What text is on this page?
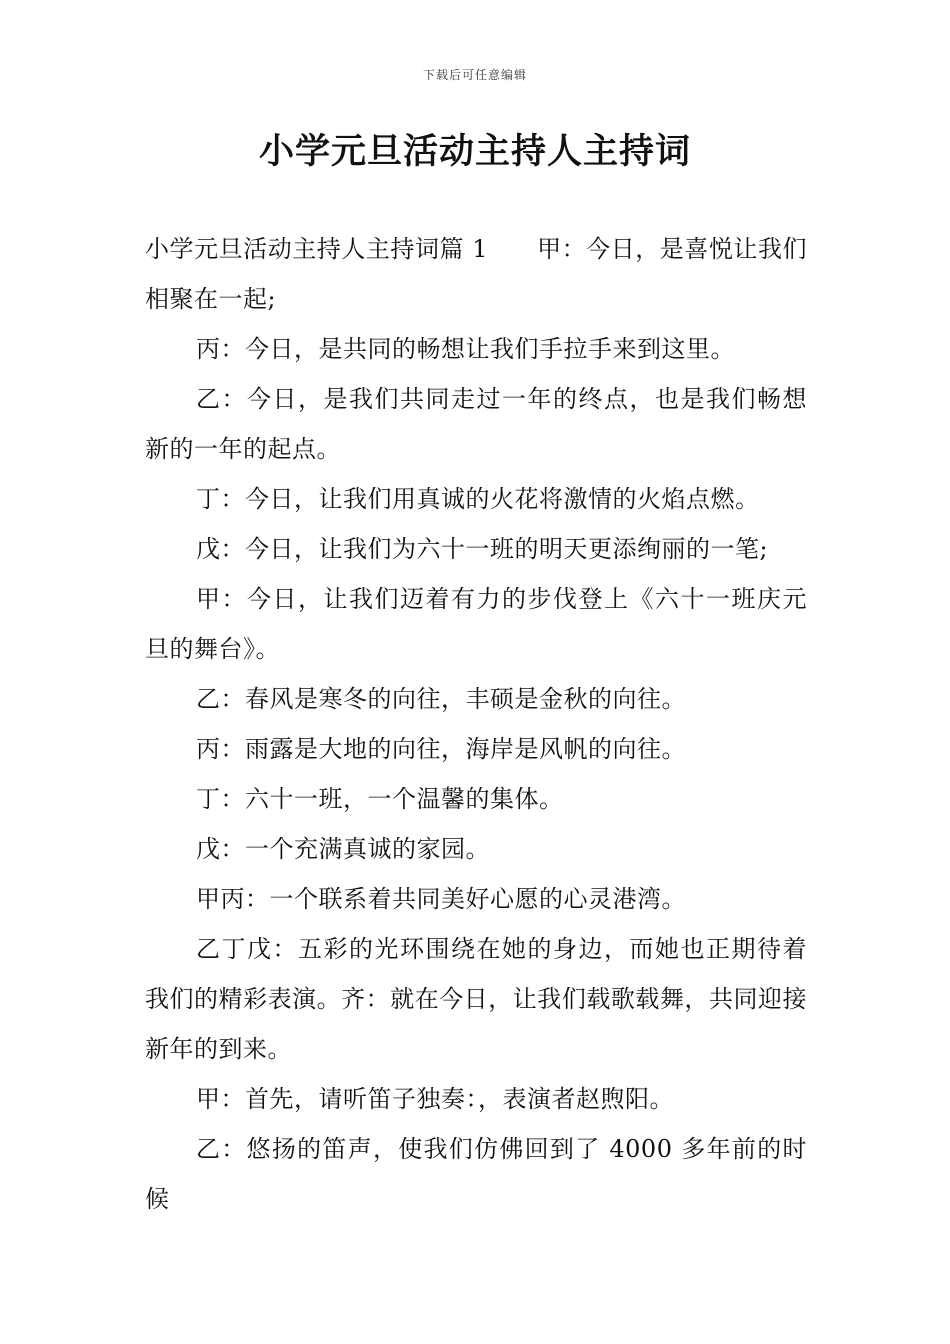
下载后可任意编辑
小学元旦活动主持人主持词

小学元旦活动主持人主持词篇 1　　甲：今日，是喜悦让我们相聚在一起;

丙：今日，是共同的畅想让我们手拉手来到这里。

乙：今日，是我们共同走过一年的终点，也是我们畅想新的一年的起点。

丁：今日，让我们用真诚的火花将激情的火焰点燃。

戊：今日，让我们为六十一班的明天更添绚丽的一笔;

甲：今日，让我们迈着有力的步伐登上《六十一班庆元旦的舞台》。

乙：春风是寒冬的向往，丰硕是金秋的向往。

丙：雨露是大地的向往，海岸是风帆的向往。

丁：六十一班，一个温馨的集体。

戊：一个充满真诚的家园。

甲丙：一个联系着共同美好心愿的心灵港湾。

乙丁戊：五彩的光环围绕在她的身边，而她也正期待着我们的精彩表演。齐：就在今日，让我们载歌载舞，共同迎接新年的到来。

甲：首先，请听笛子独奏：，表演者赵煦阳。

乙：悠扬的笛声，使我们仿佛回到了 4000 多年前的时候
